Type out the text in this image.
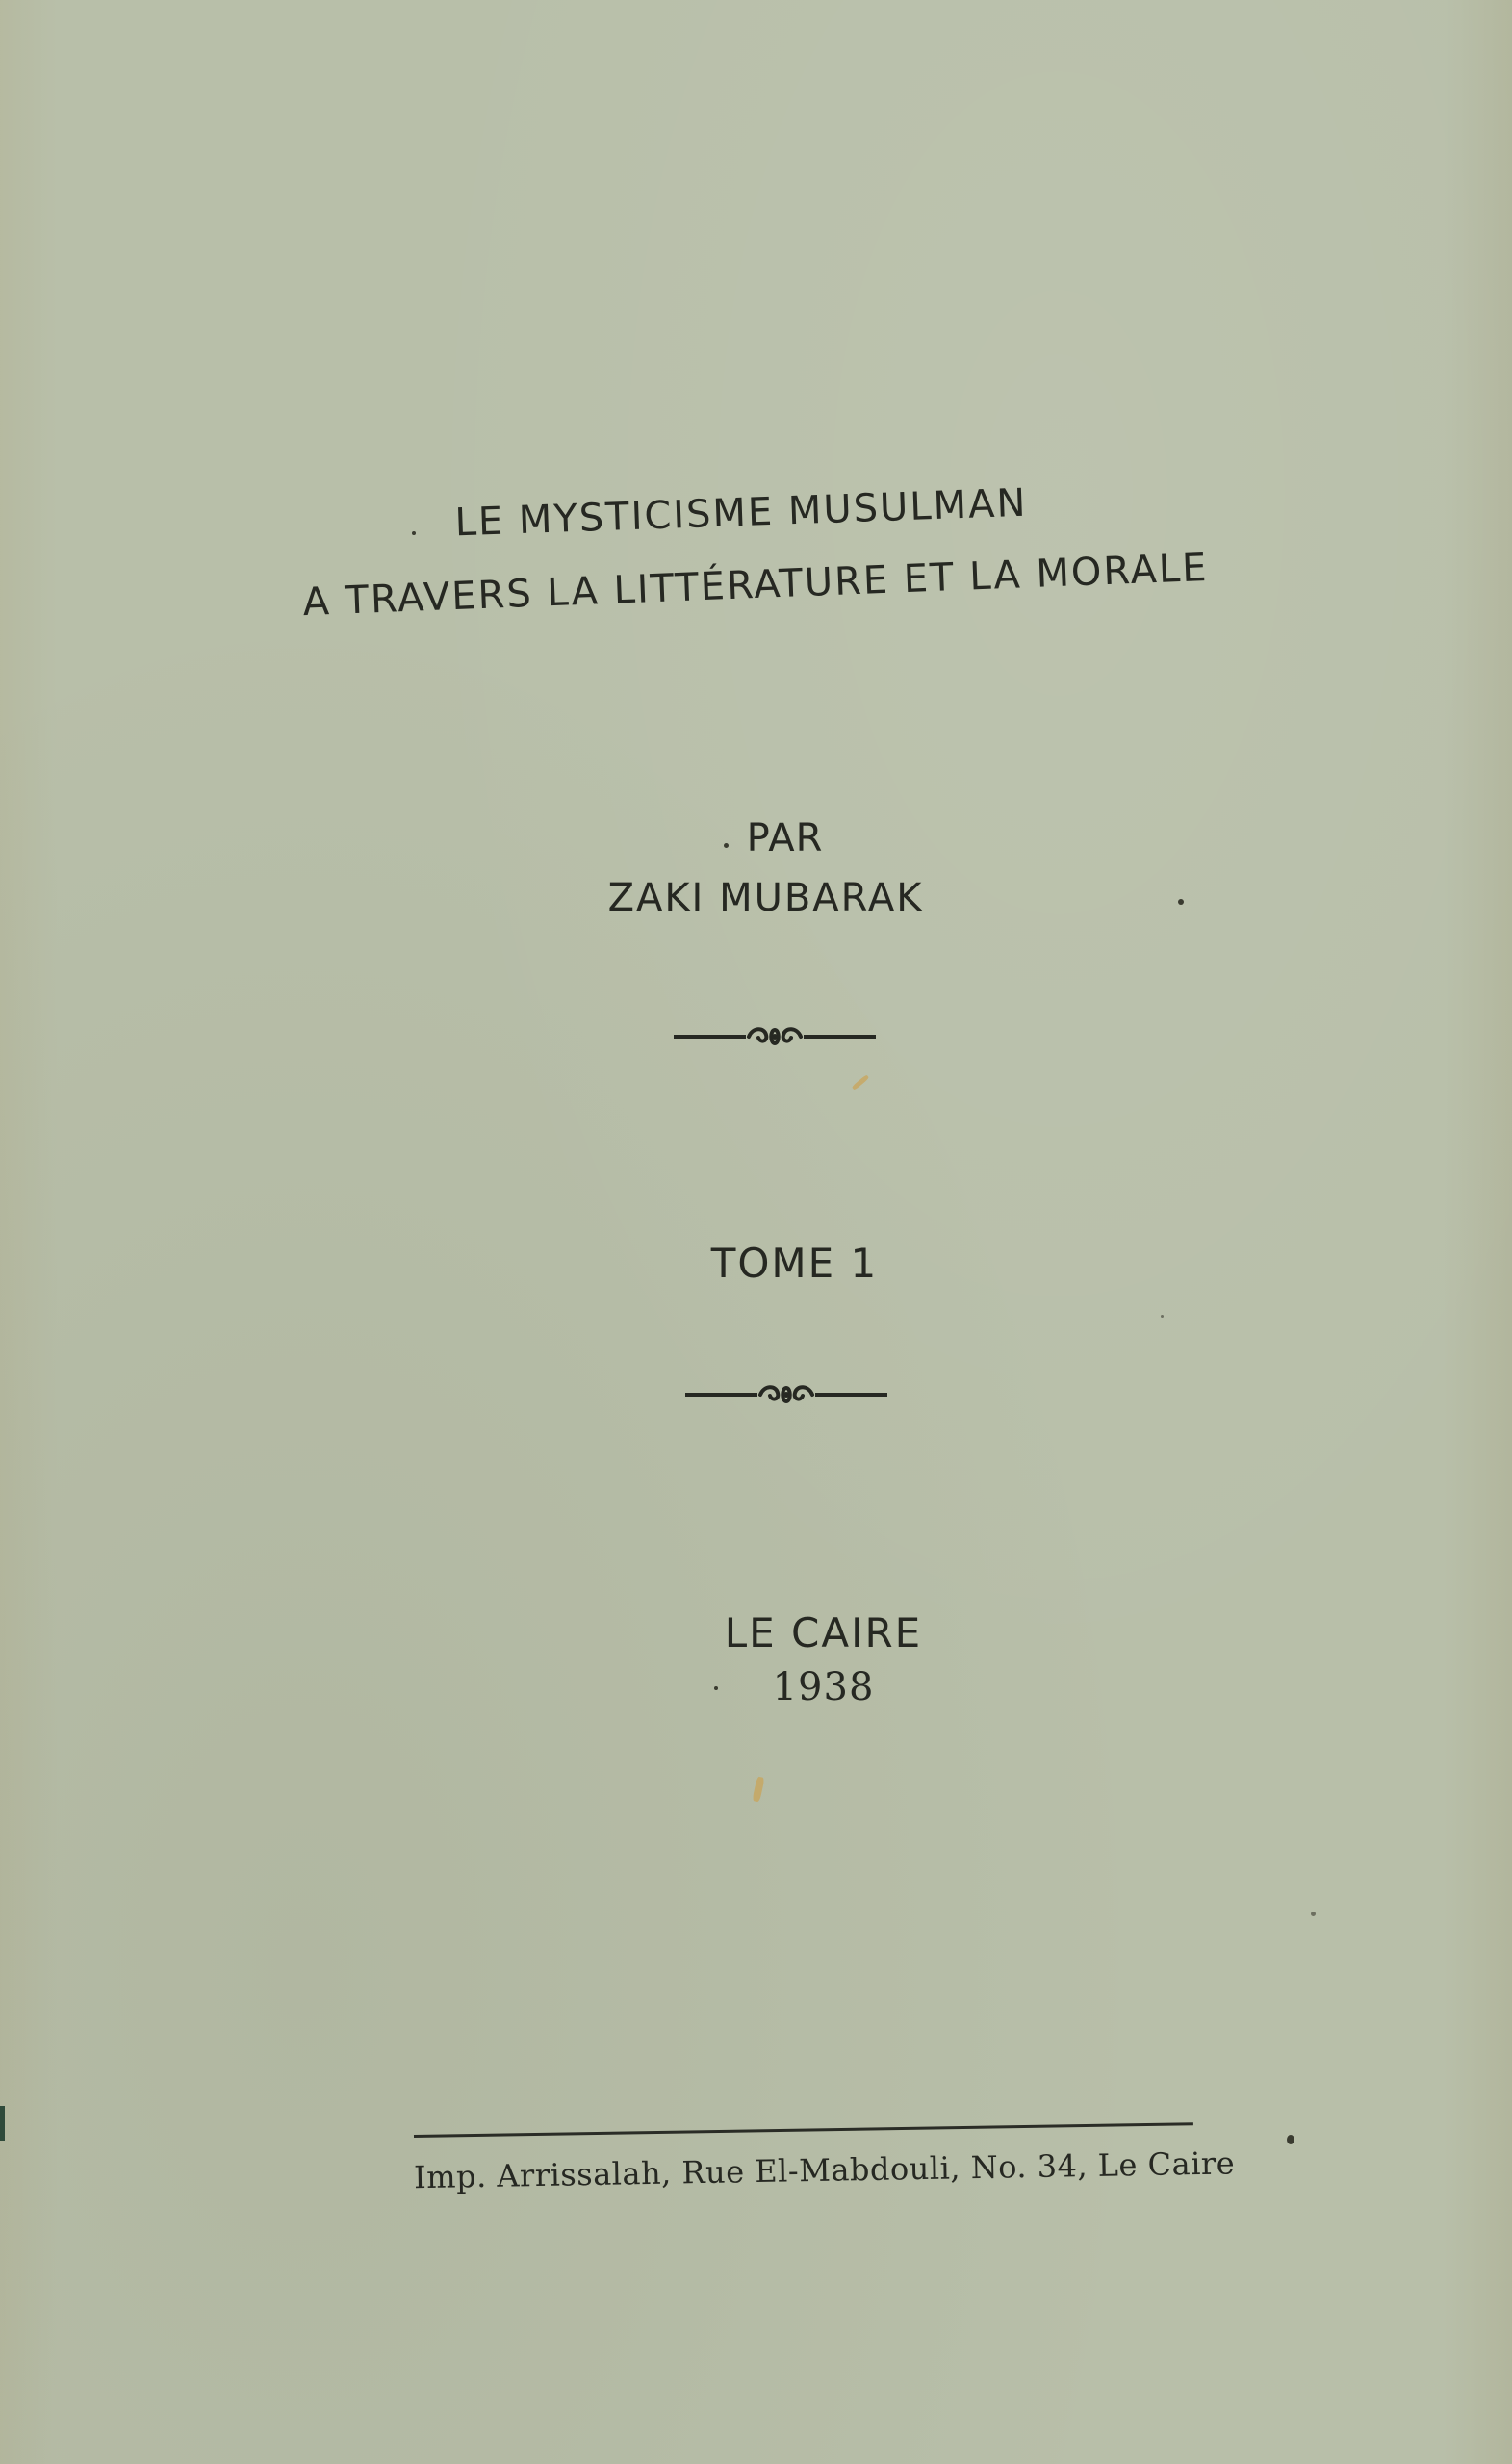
LE MYSTICISME MUSULMAN
A TRAVERS LA LITTÉRATURE ET LA MORALE
PAR
ZAKI MUBARAK
TOME 1
LE CAIRE
1938
Imp. Arrissalah, Rue El-Mabdouli, No. 34, Le Caire
